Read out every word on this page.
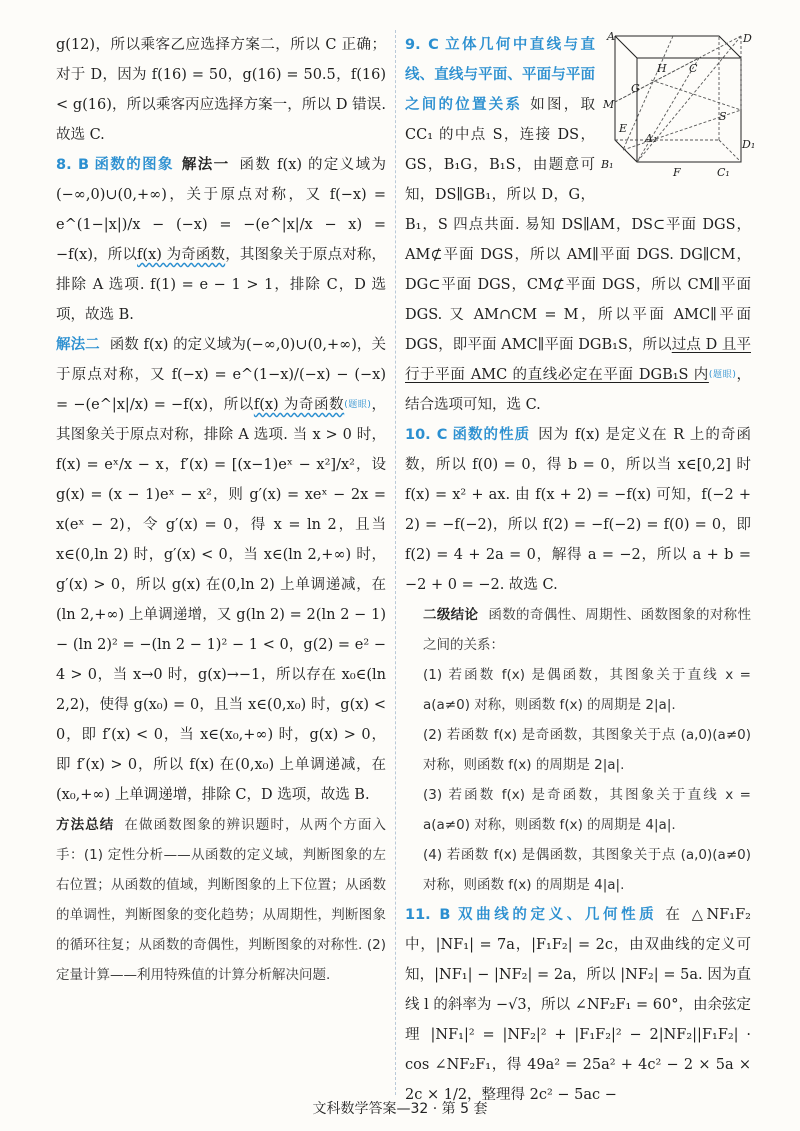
g(12)，所以乘客乙应选择方案二，所以 C 正确；对于 D，因为 f(16) = 50，g(16) = 50.5，f(16) < g(16)，所以乘客丙应选择方案一，所以 D 错误. 故选 C.

8. B 函数的图象 解法一 函数 f(x) 的定义域为(−∞,0)∪(0,+∞)，关于原点对称，又 f(−x) = e^(1−|x|)/x − (−x) = −(e^|x|/x − x) = −f(x)，所以f(x) 为奇函数，其图象关于原点对称，排除 A 选项. f(1) = e − 1 > 1，排除 C，D 选项，故选 B.

解法二 函数 f(x) 的定义域为(−∞,0)∪(0,+∞)，关于原点对称，又 f(−x) = e^(1−x)/(−x) − (−x) = −(e^|x|/x) = −f(x)，所以f(x) 为奇函数(题眼)，其图象关于原点对称，排除 A 选项. 当 x > 0 时，f(x) = eˣ/x − x，f′(x) = [(x−1)eˣ − x²]/x²，设 g(x) = (x − 1)eˣ − x²，则 g′(x) = xeˣ − 2x = x(eˣ − 2)，令 g′(x) = 0，得 x = ln 2，且当 x∈(0,ln 2) 时，g′(x) < 0，当 x∈(ln 2,+∞) 时，g′(x) > 0，所以 g(x) 在(0,ln 2) 上单调递减，在(ln 2,+∞) 上单调递增，又 g(ln 2) = 2(ln 2 − 1) − (ln 2)² = −(ln 2 − 1)² − 1 < 0，g(2) = e² − 4 > 0，当 x→0 时，g(x)→−1，所以存在 x₀∈(ln 2,2)，使得 g(x₀) = 0，且当 x∈(0,x₀) 时，g(x) < 0，即 f′(x) < 0，当 x∈(x₀,+∞) 时，g(x) > 0，即 f′(x) > 0，所以 f(x) 在(0,x₀) 上单调递减，在(x₀,+∞) 上单调递增，排除 C，D 选项，故选 B.

方法总结 在做函数图象的辨识题时，从两个方面入手：(1) 定性分析——从函数的定义域，判断图象的左右位置；从函数的值域，判断图象的上下位置；从函数的单调性，判断图象的变化趋势；从周期性，判断图象的循环往复；从函数的奇偶性，判断图象的对称性. (2) 定量计算——利用特殊值的计算分析解决问题.

A
H C
D
G
M
S
E
A₁	D₁
B₁
F	C₁

9. C 立体几何中直线与直线、直线与平面、平面与平面之间的位置关系 如图，取 CC₁ 的中点 S，连接 DS，GS，B₁G，B₁S，由题意可知，DS∥GB₁，所以 D，G，B₁，S 四点共面. 易知 DS∥AM，DS⊂平面 DGS，AM⊄平面 DGS，所以 AM∥平面 DGS. DG∥CM，DG⊂平面 DGS，CM⊄平面 DGS，所以 CM∥平面 DGS. 又 AM∩CM = M，所以平面 AMC∥平面 DGS，即平面 AMC∥平面 DGB₁S，所以过点 D 且平行于平面 AMC 的直线必定在平面 DGB₁S 内(题眼)，结合选项可知，选 C.

10. C 函数的性质 因为 f(x) 是定义在 R 上的奇函数，所以 f(0) = 0，得 b = 0，所以当 x∈[0,2] 时 f(x) = x² + ax. 由 f(x + 2) = −f(x) 可知，f(−2 + 2) = −f(−2)，所以 f(2) = −f(−2) = f(0) = 0，即 f(2) = 4 + 2a = 0，解得 a = −2，所以 a + b = −2 + 0 = −2. 故选 C.

二级结论 函数的奇偶性、周期性、函数图象的对称性之间的关系：

(1) 若函数 f(x) 是偶函数，其图象关于直线 x = a(a≠0) 对称，则函数 f(x) 的周期是 2|a|.

(2) 若函数 f(x) 是奇函数，其图象关于点 (a,0)(a≠0) 对称，则函数 f(x) 的周期是 2|a|.

(3) 若函数 f(x) 是奇函数，其图象关于直线 x = a(a≠0) 对称，则函数 f(x) 的周期是 4|a|.

(4) 若函数 f(x) 是偶函数，其图象关于点 (a,0)(a≠0) 对称，则函数 f(x) 的周期是 4|a|.

11. B 双曲线的定义、几何性质 在 △NF₁F₂ 中，|NF₁| = 7a，|F₁F₂| = 2c，由双曲线的定义可知，|NF₁| − |NF₂| = 2a，所以 |NF₂| = 5a. 因为直线 l 的斜率为 −√3，所以 ∠NF₂F₁ = 60°，由余弦定理 |NF₁|² = |NF₂|² + |F₁F₂|² − 2|NF₂||F₁F₂| · cos ∠NF₂F₁，得 49a² = 25a² + 4c² − 2 × 5a × 2c × 1/2，整理得 2c² − 5ac −

文科数学答案—32 · 第 5 套
